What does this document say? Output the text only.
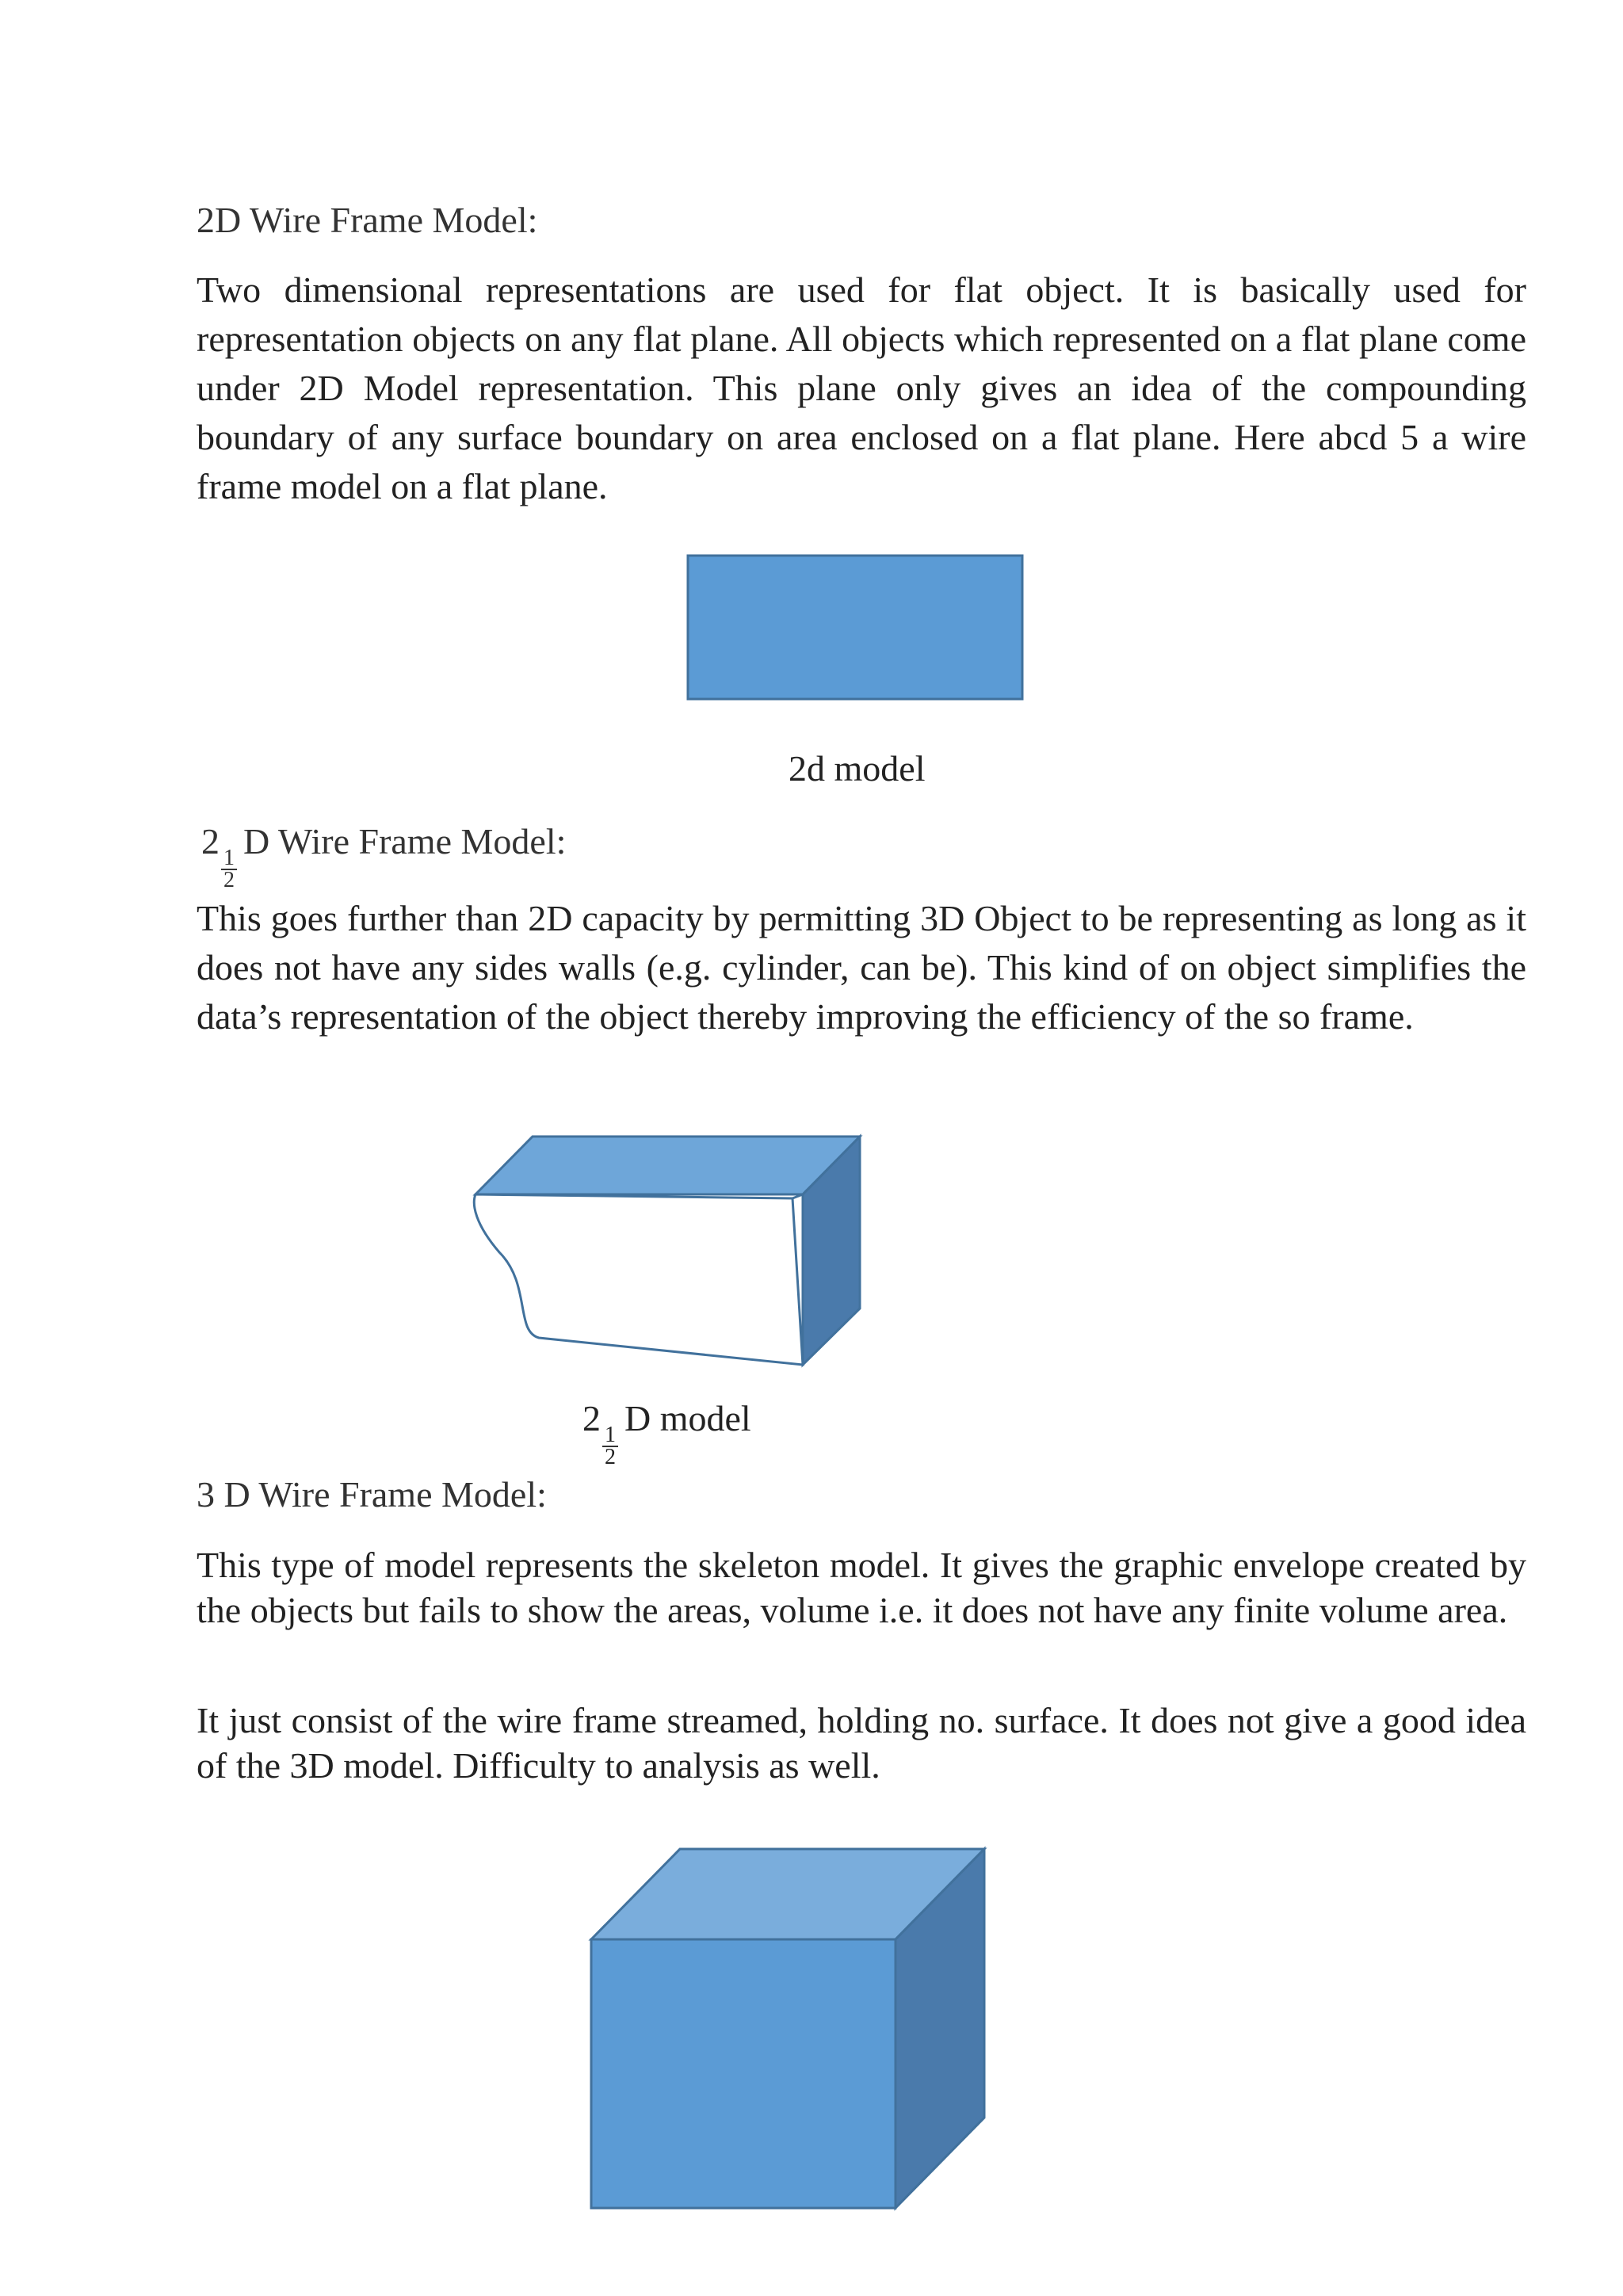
2D Wire Frame Model:
Two dimensional representations are used for flat object. It is basically used for representation objects on any flat plane. All objects which represented on a flat plane come under 2D Model representation. This plane only gives an idea of the compounding boundary of any surface boundary on area enclosed on a flat plane. Here abcd 5 a wire frame model on a flat plane.
2d model
2
$\frac{1}{2}$
D Wire Frame Model:
This goes further than 2D capacity by permitting 3D Object to be representing as long as it does not have any sides walls (e.g. cylinder, can be). This kind of on object simplifies the data’s representation of the object thereby improving the efficiency of the so frame.
2
$\frac{1}{2}$
D model
3 D Wire Frame Model:
This type of model represents the skeleton model. It gives the graphic envelope created by the objects but fails to show the areas, volume i.e. it does not have any finite volume area.
It just consist of the wire frame streamed, holding no. surface. It does not give a good idea of the 3D model. Difficulty to analysis as well.
